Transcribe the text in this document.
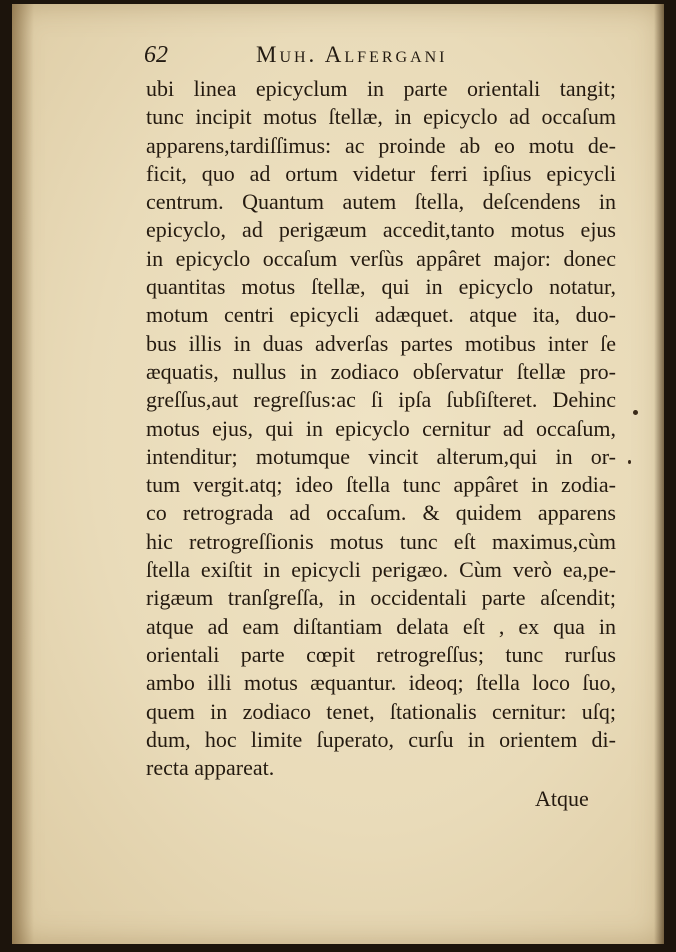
62	Muh. Alfergani
ubi linea epicyclum in parte orientali tangit;
tunc incipit motus ſtellæ, in epicyclo ad occaſum
apparens,tardiſſimus: ac proinde ab eo motu de-
ficit, quo ad ortum videtur ferri ipſius epicycli
centrum. Quantum autem ſtella, deſcendens in
epicyclo, ad perigæum accedit,tanto motus ejus
in epicyclo occaſum verſùs appâret major: donec
quantitas motus ſtellæ, qui in epicyclo notatur,
motum centri epicycli adæquet. atque ita, duo-
bus illis in duas adverſas partes motibus inter ſe
æquatis, nullus in zodiaco obſervatur ſtellæ pro-
greſſus,aut regreſſus:ac ſi ipſa ſubſiſteret. Dehinc
motus ejus, qui in epicyclo cernitur ad occaſum,
intenditur; motumque vincit alterum,qui in or-
tum vergit.atq; ideo ſtella tunc appâret in zodia-
co retrograda ad occaſum. & quidem apparens
hic retrogreſſionis motus tunc eſt maximus,cùm
ſtella exiſtit in epicycli perigæo. Cùm verò ea,pe-
rigæum tranſgreſſa, in occidentali parte aſcendit;
atque ad eam diſtantiam delata eſt , ex qua in
orientali parte cœpit retrogreſſus; tunc rurſus
ambo illi motus æquantur. ideoq; ſtella loco ſuo,
quem in zodiaco tenet, ſtationalis cernitur: uſq;
dum, hoc limite ſuperato, curſu in orientem di-
recta appareat.
Atque
